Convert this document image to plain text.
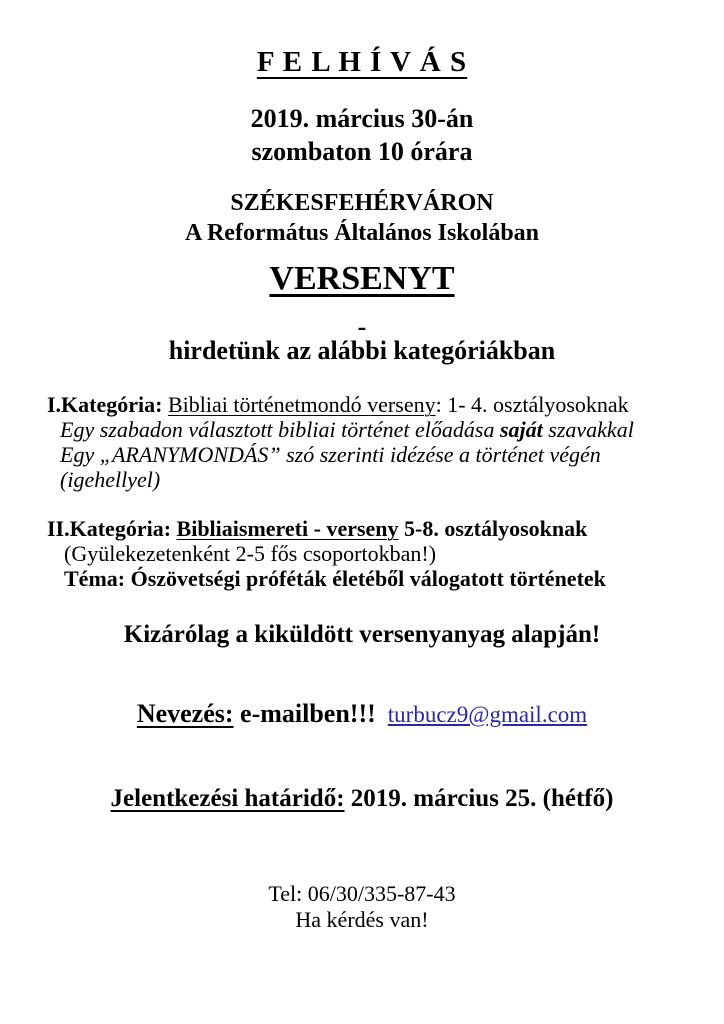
F E L H Í V Á S
2019. március 30-án
szombaton 10 órára
SZÉKESFEHÉRVÁRON
A Református Általános Iskolában
VERSENYT
-
hirdetünk az alábbi kategóriákban
I.Kategória: Bibliai történetmondó verseny: 1- 4. osztályosoknak
Egy szabadon választott bibliai történet előadása saját szavakkal
Egy „ARANYMONDÁS” szó szerinti idézése a történet végén
(igehellyel)
II.Kategória: Bibliaismereti - verseny 5-8. osztályosoknak
(Gyülekezetenként 2-5 fős csoportokban!)
Téma: Ószövetségi próféták életéből válogatott történetek
Kizárólag a kiküldött versenyanyag alapján!
Nevezés: e-mailben!!! turbucz9@gmail.com
Jelentkezési határidő: 2019. március 25. (hétfő)
Tel: 06/30/335-87-43
Ha kérdés van!
